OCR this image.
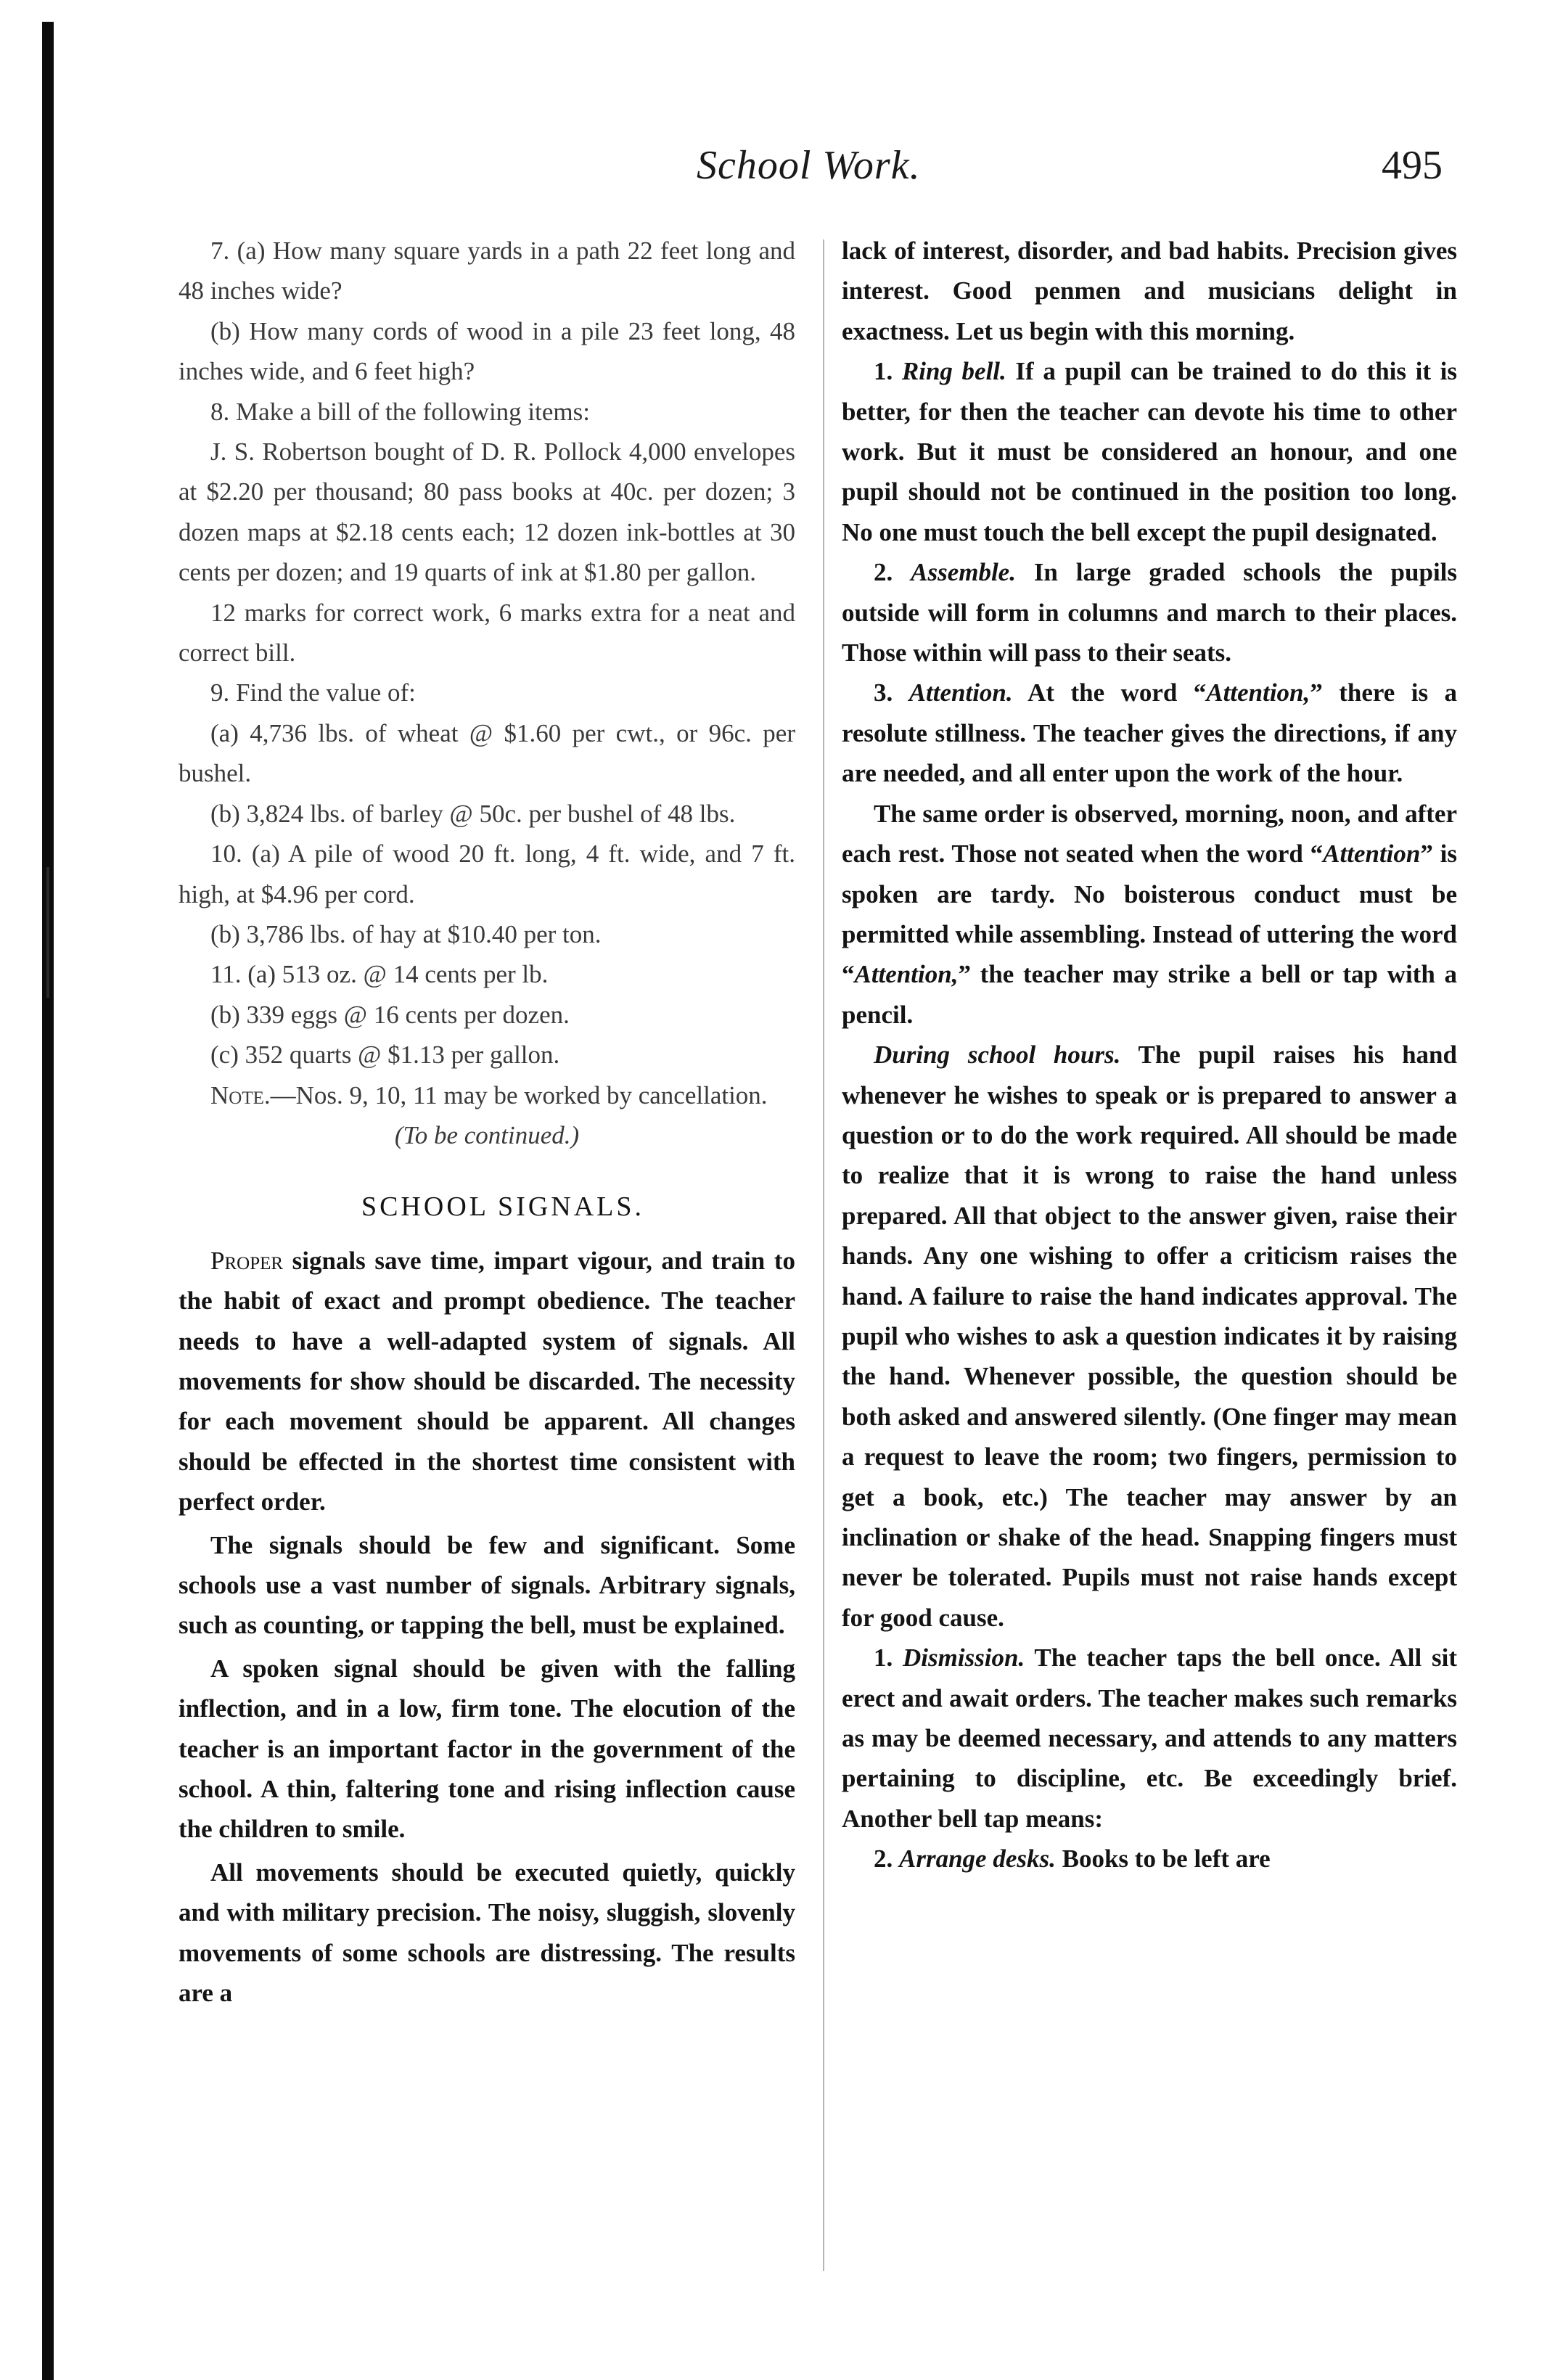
School Work.	495

7. (a) How many square yards in a path 22 feet long and 48 inches wide?

(b) How many cords of wood in a pile 23 feet long, 48 inches wide, and 6 feet high?

8. Make a bill of the following items:

J. S. Robertson bought of D. R. Pollock 4,000 envelopes at $2.20 per thousand; 80 pass books at 40c. per dozen; 3 dozen maps at $2.18 cents each; 12 dozen ink-bottles at 30 cents per dozen; and 19 quarts of ink at $1.80 per gallon.

12 marks for correct work, 6 marks extra for a neat and correct bill.

9. Find the value of:

(a) 4,736 lbs. of wheat @ $1.60 per cwt., or 96c. per bushel.

(b) 3,824 lbs. of barley @ 50c. per bushel of 48 lbs.

10. (a) A pile of wood 20 ft. long, 4 ft. wide, and 7 ft. high, at $4.96 per cord.

(b) 3,786 lbs. of hay at $10.40 per ton.

11. (a) 513 oz. @ 14 cents per lb.

(b) 339 eggs @ 16 cents per dozen.

(c) 352 quarts @ $1.13 per gallon.

Note.—Nos. 9, 10, 11 may be worked by cancellation.

(To be continued.)

SCHOOL SIGNALS.

Proper signals save time, impart vigour, and train to the habit of exact and prompt obedience. The teacher needs to have a well-adapted system of signals. All movements for show should be discarded. The necessity for each movement should be apparent. All changes should be effected in the shortest time consistent with perfect order.

The signals should be few and significant. Some schools use a vast number of signals. Arbitrary signals, such as counting, or tapping the bell, must be explained.

A spoken signal should be given with the falling inflection, and in a low, firm tone. The elocution of the teacher is an important factor in the government of the school. A thin, faltering tone and rising inflection cause the children to smile.

All movements should be executed quietly, quickly and with military precision. The noisy, sluggish, slovenly movements of some schools are distressing. The results are a

lack of interest, disorder, and bad habits. Precision gives interest. Good penmen and musicians delight in exactness. Let us begin with this morning.

1. Ring bell. If a pupil can be trained to do this it is better, for then the teacher can devote his time to other work. But it must be considered an honour, and one pupil should not be continued in the position too long. No one must touch the bell except the pupil designated.

2. Assemble. In large graded schools the pupils outside will form in columns and march to their places. Those within will pass to their seats.

3. Attention. At the word “Attention,” there is a resolute stillness. The teacher gives the directions, if any are needed, and all enter upon the work of the hour.

The same order is observed, morning, noon, and after each rest. Those not seated when the word “Attention” is spoken are tardy. No boisterous conduct must be permitted while assembling. Instead of uttering the word “Attention,” the teacher may strike a bell or tap with a pencil.

During school hours. The pupil raises his hand whenever he wishes to speak or is prepared to answer a question or to do the work required. All should be made to realize that it is wrong to raise the hand unless prepared. All that object to the answer given, raise their hands. Any one wishing to offer a criticism raises the hand. A failure to raise the hand indicates approval. The pupil who wishes to ask a question indicates it by raising the hand. Whenever possible, the question should be both asked and answered silently. (One finger may mean a request to leave the room; two fingers, permission to get a book, etc.) The teacher may answer by an inclination or shake of the head. Snapping fingers must never be tolerated. Pupils must not raise hands except for good cause.

1. Dismission. The teacher taps the bell once. All sit erect and await orders. The teacher makes such remarks as may be deemed necessary, and attends to any matters pertaining to discipline, etc. Be exceedingly brief. Another bell tap means:

2. Arrange desks. Books to be left are
